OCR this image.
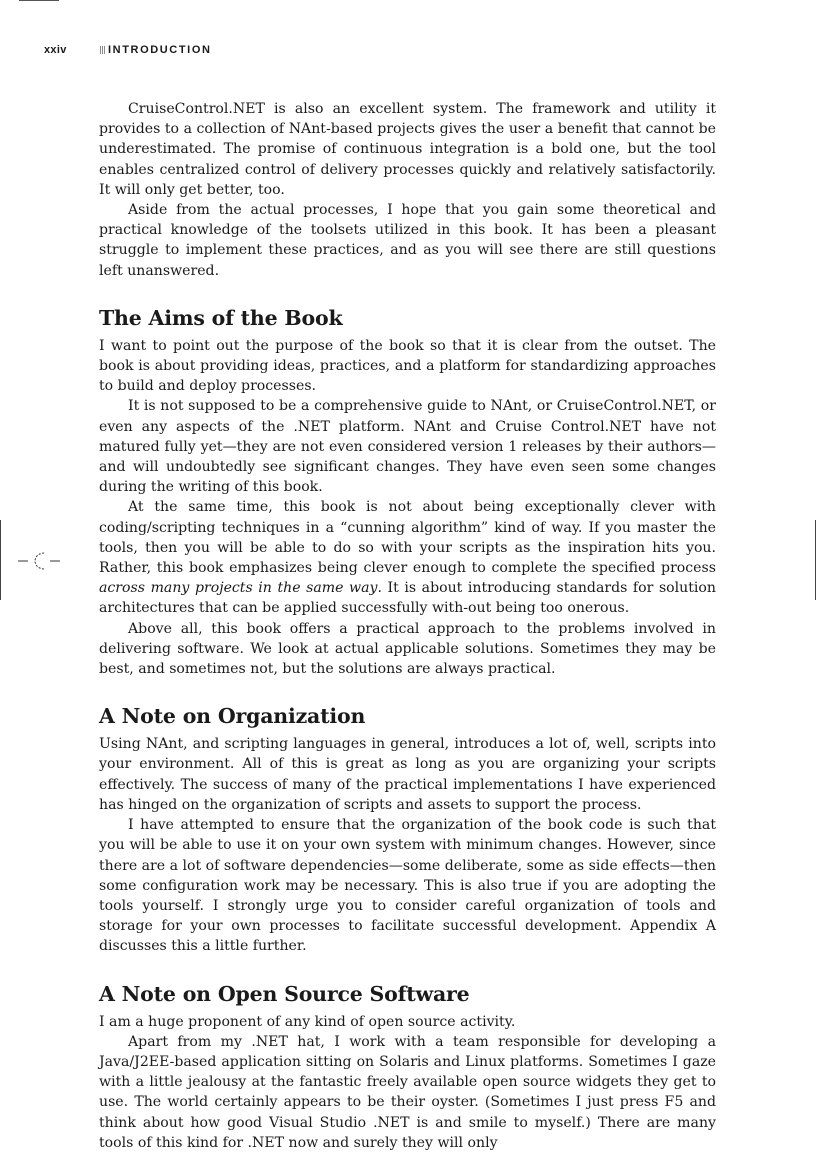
xxiv	INTRODUCTION

CruiseControl.NET is also an excellent system. The framework and utility it provides to a collection of NAnt-based projects gives the user a benefit that cannot be underestimated. The promise of continuous integration is a bold one, but the tool enables centralized control of delivery processes quickly and relatively satisfactorily. It will only get better, too.

Aside from the actual processes, I hope that you gain some theoretical and practical knowledge of the toolsets utilized in this book. It has been a pleasant struggle to implement these practices, and as you will see there are still questions left unanswered.

The Aims of the Book

I want to point out the purpose of the book so that it is clear from the outset. The book is about providing ideas, practices, and a platform for standardizing approaches to build and deploy processes.

It is not supposed to be a comprehensive guide to NAnt, or CruiseControl.NET, or even any aspects of the .NET platform. NAnt and Cruise Control.NET have not matured fully yet—they are not even considered version 1 releases by their authors—and will undoubtedly see significant changes. They have even seen some changes during the writing of this book.

At the same time, this book is not about being exceptionally clever with coding/scripting techniques in a “cunning algorithm” kind of way. If you master the tools, then you will be able to do so with your scripts as the inspiration hits you. Rather, this book emphasizes being clever enough to complete the specified process across many projects in the same way. It is about introducing standards for solution architectures that can be applied successfully with-out being too onerous.

Above all, this book offers a practical approach to the problems involved in delivering software. We look at actual applicable solutions. Sometimes they may be best, and sometimes not, but the solutions are always practical.

A Note on Organization

Using NAnt, and scripting languages in general, introduces a lot of, well, scripts into your environment. All of this is great as long as you are organizing your scripts effectively. The success of many of the practical implementations I have experienced has hinged on the organization of scripts and assets to support the process.

I have attempted to ensure that the organization of the book code is such that you will be able to use it on your own system with minimum changes. However, since there are a lot of software dependencies—some deliberate, some as side effects—then some configuration work may be necessary. This is also true if you are adopting the tools yourself. I strongly urge you to consider careful organization of tools and storage for your own processes to facilitate successful development. Appendix A discusses this a little further.

A Note on Open Source Software

I am a huge proponent of any kind of open source activity.

Apart from my .NET hat, I work with a team responsible for developing a Java/J2EE-based application sitting on Solaris and Linux platforms. Sometimes I gaze with a little jealousy at the fantastic freely available open source widgets they get to use. The world certainly appears to be their oyster. (Sometimes I just press F5 and think about how good Visual Studio .NET is and smile to myself.) There are many tools of this kind for .NET now and surely they will only
